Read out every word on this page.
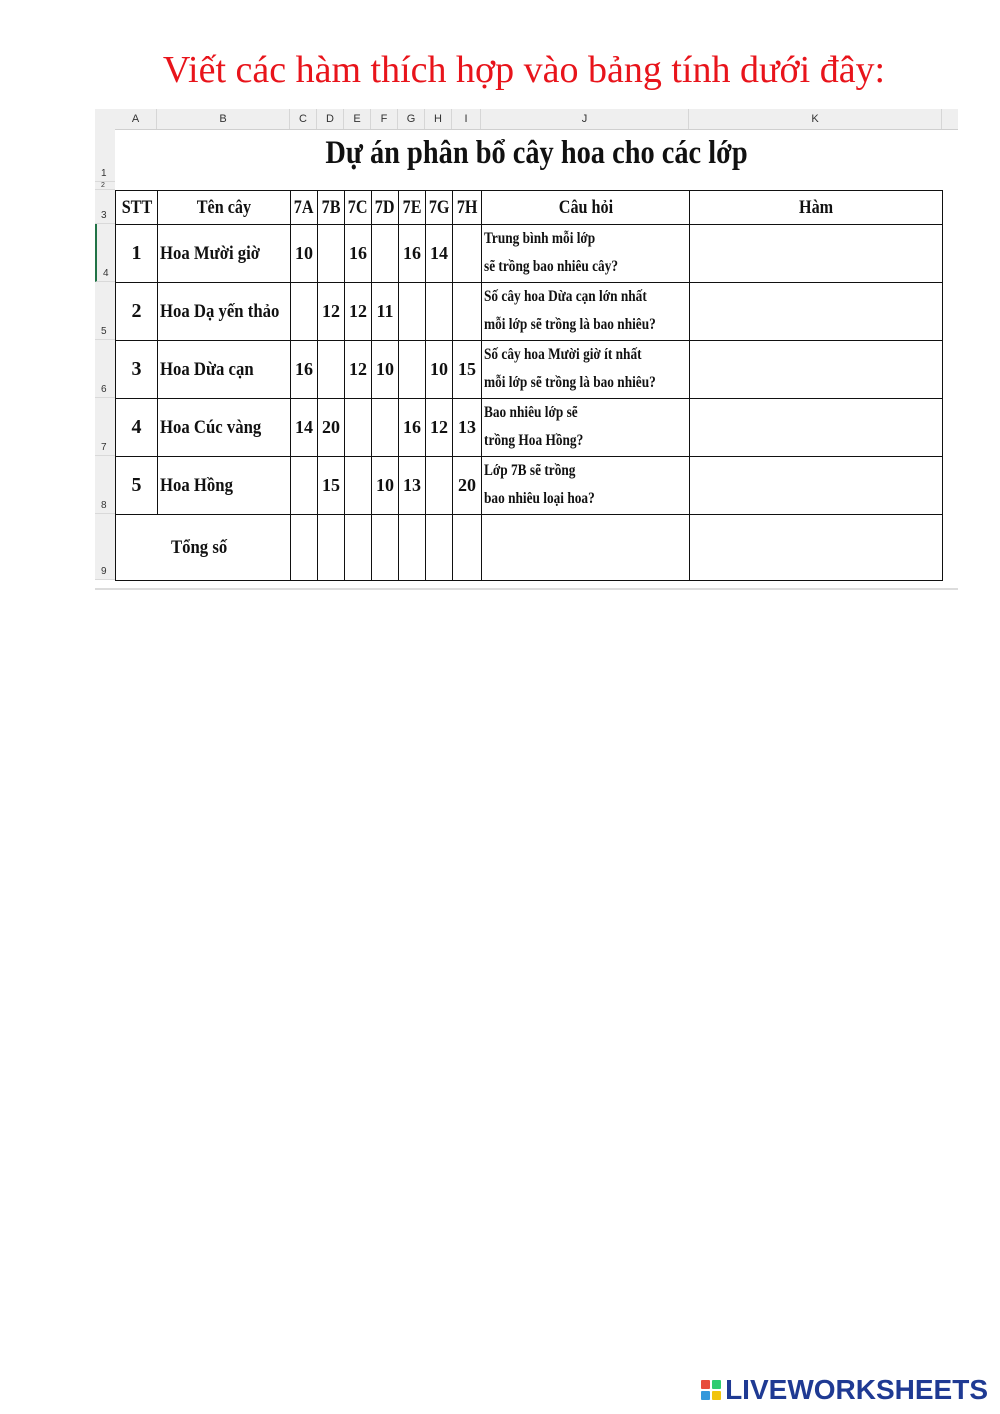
Viết các hàm thích hợp vào bảng tính dưới đây:
A	B	C	D	E	F	G	H	I	J	K
1
2
3
4
5
6
7
8
9
Dự án phân bổ cây hoa cho các lớp
STT	Tên cây	7A	7B	7C	7D	7E	7G	7H	Câu hỏi	Hàm
1	Hoa Mười giờ	10		16		16	14		Trung bình mỗi lớp
sẽ trồng bao nhiêu cây?	
2	Hoa Dạ yến thảo		12	12	11				Số cây hoa Dừa cạn lớn nhất
mỗi lớp sẽ trồng là bao nhiêu?	
3	Hoa Dừa cạn	16		12	10		10	15	Số cây hoa Mười giờ ít nhất
mỗi lớp sẽ trồng là bao nhiêu?	
4	Hoa Cúc vàng	14	20			16	12	13	Bao nhiêu lớp sẽ
trồng Hoa Hồng?	
5	Hoa Hồng		15		10	13		20	Lớp 7B sẽ trồng
bao nhiêu loại hoa?	
Tổng số										
LIVEWORKSHEETS
